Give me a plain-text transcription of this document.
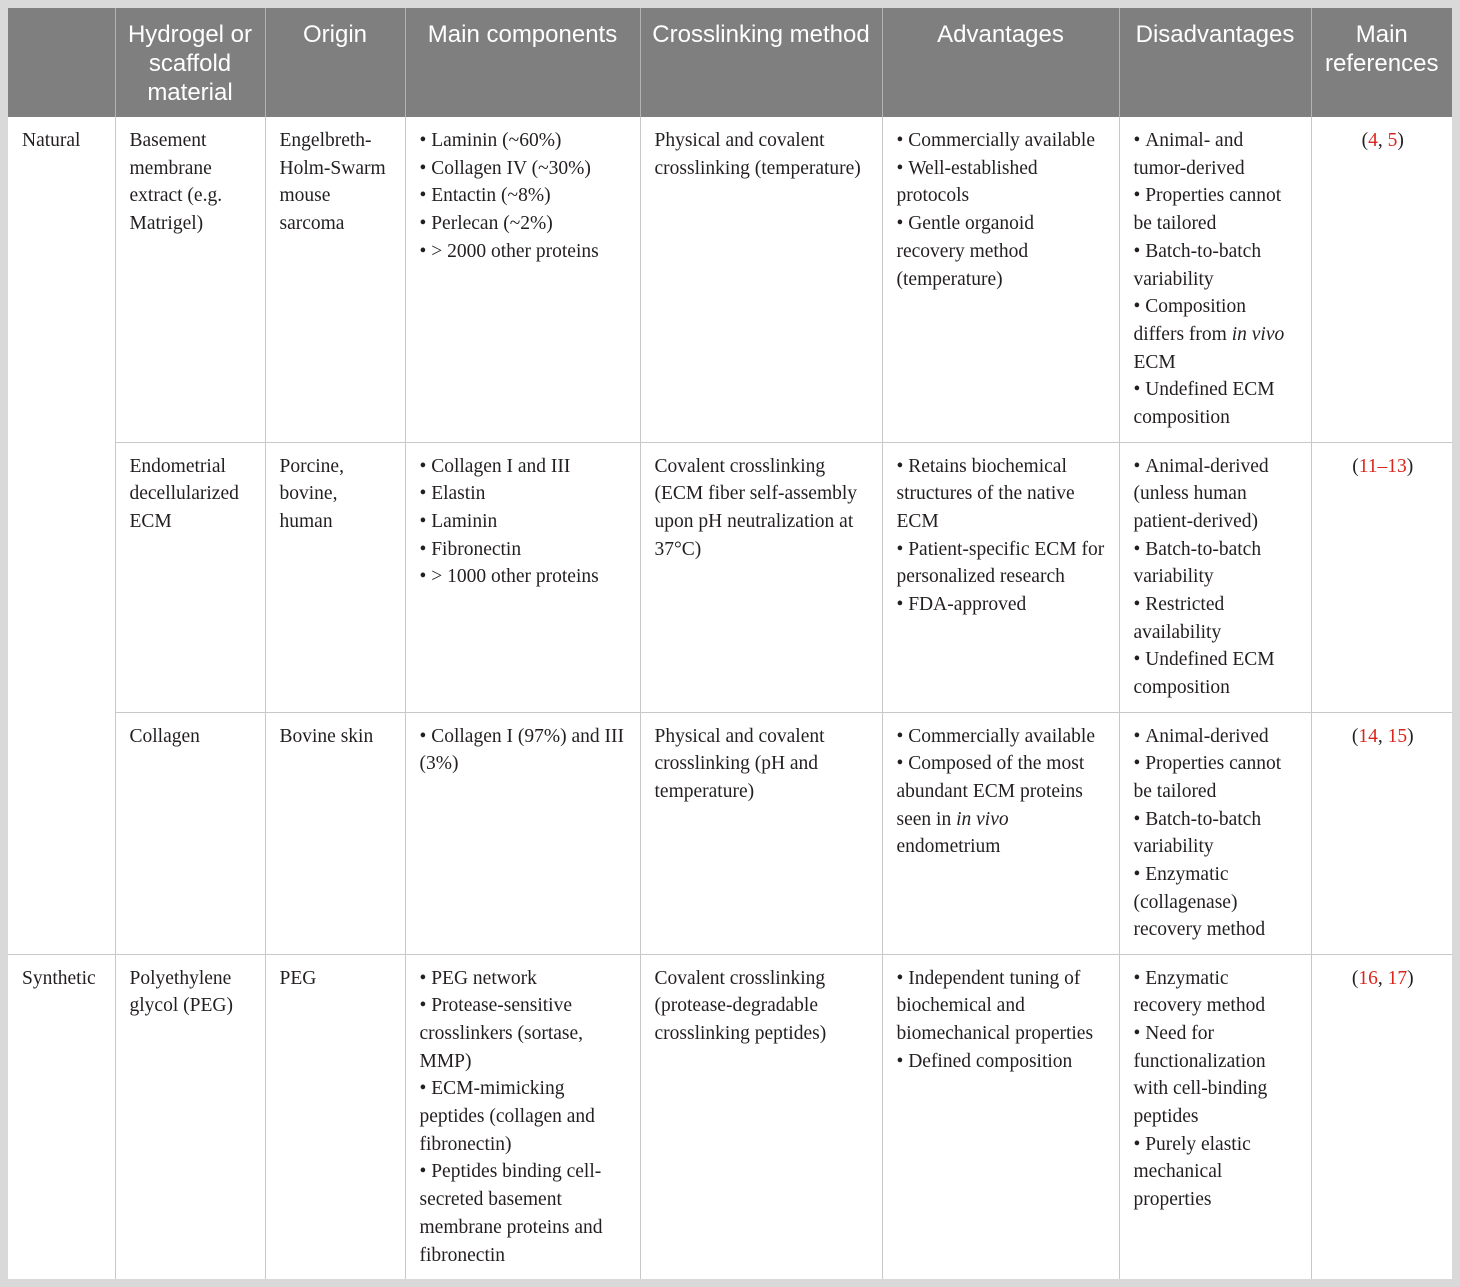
	Hydrogel or scaffold material	Origin	Main components	Crosslinking method	Advantages	Disadvantages	Main references
Natural	Basement membrane extract (e.g. Matrigel)	Engelbreth-Holm-Swarm mouse sarcoma	• Laminin (~60%)
• Collagen IV (~30%)
• Entactin (~8%)
• Perlecan (~2%)
• > 2000 other proteins	Physical and covalent crosslinking (temperature)	• Commercially available
• Well-established protocols
• Gentle organoid recovery method (temperature)	• Animal- and tumor-derived
• Properties cannot be tailored
• Batch-to-batch variability
• Composition differs from in vivo ECM
• Undefined ECM composition	(4, 5)
	Endometrial decellularized ECM	Porcine, bovine, human	• Collagen I and III
• Elastin
• Laminin
• Fibronectin
• > 1000 other proteins	Covalent crosslinking (ECM fiber self-assembly upon pH neutralization at 37°C)	• Retains biochemical structures of the native ECM
• Patient-specific ECM for personalized research
• FDA-approved	• Animal-derived (unless human patient-derived)
• Batch-to-batch variability
• Restricted availability
• Undefined ECM composition	(11–13)
	Collagen	Bovine skin	• Collagen I (97%) and III (3%)	Physical and covalent crosslinking (pH and temperature)	• Commercially available
• Composed of the most abundant ECM proteins seen in in vivo endometrium	• Animal-derived
• Properties cannot be tailored
• Batch-to-batch variability
• Enzymatic (collagenase) recovery method	(14, 15)
Synthetic	Polyethylene glycol (PEG)	PEG	• PEG network
• Protease-sensitive crosslinkers (sortase, MMP)
• ECM-mimicking peptides (collagen and fibronectin)
• Peptides binding cell-secreted basement membrane proteins and fibronectin	Covalent crosslinking (protease-degradable crosslinking peptides)	• Independent tuning of biochemical and biomechanical properties
• Defined composition	• Enzymatic recovery method
• Need for functionalization with cell-binding peptides
• Purely elastic mechanical properties	(16, 17)
